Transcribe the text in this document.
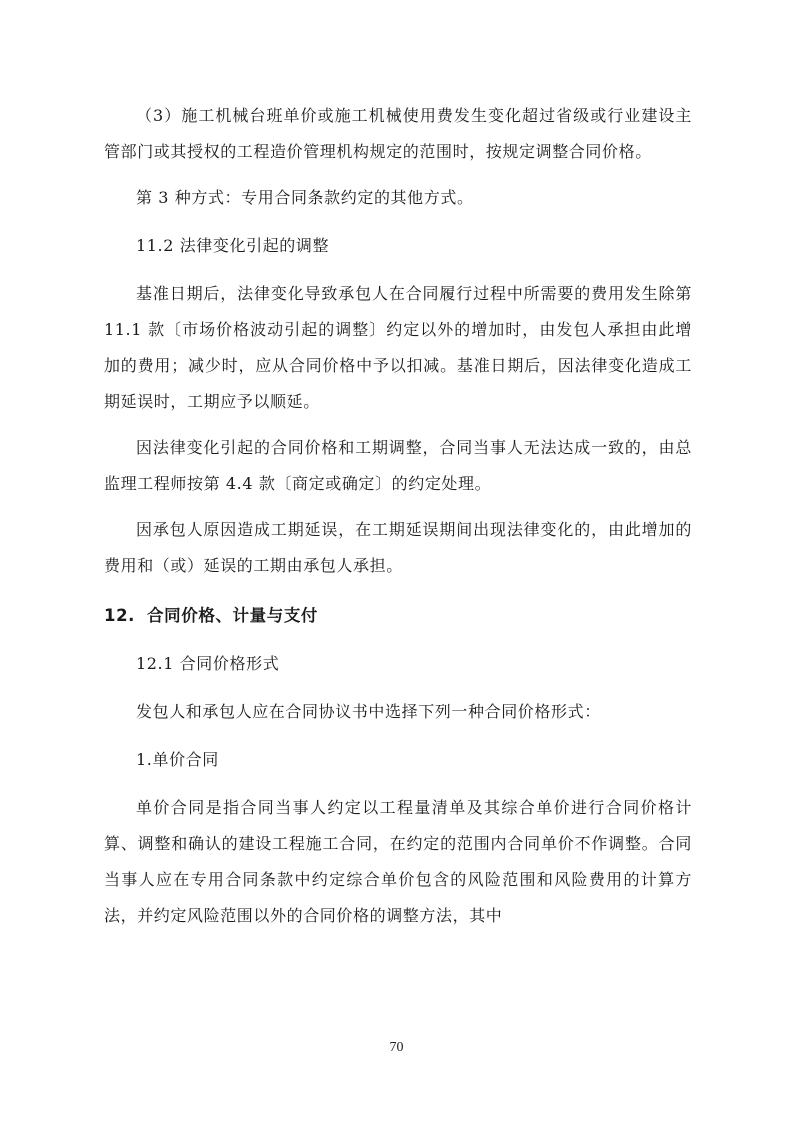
（3）施工机械台班单价或施工机械使用费发生变化超过省级或行业建设主管部门或其授权的工程造价管理机构规定的范围时，按规定调整合同价格。

第 3 种方式：专用合同条款约定的其他方式。

11.2 法律变化引起的调整

基准日期后，法律变化导致承包人在合同履行过程中所需要的费用发生除第 11.1 款〔市场价格波动引起的调整〕约定以外的增加时，由发包人承担由此增加的费用；减少时，应从合同价格中予以扣减。基准日期后，因法律变化造成工期延误时，工期应予以顺延。

因法律变化引起的合同价格和工期调整，合同当事人无法达成一致的，由总监理工程师按第 4.4 款〔商定或确定〕的约定处理。

因承包人原因造成工期延误，在工期延误期间出现法律变化的，由此增加的费用和（或）延误的工期由承包人承担。

12. 合同价格、计量与支付

12.1 合同价格形式

发包人和承包人应在合同协议书中选择下列一种合同价格形式：

1.单价合同

单价合同是指合同当事人约定以工程量清单及其综合单价进行合同价格计算、调整和确认的建设工程施工合同，在约定的范围内合同单价不作调整。合同当事人应在专用合同条款中约定综合单价包含的风险范围和风险费用的计算方法，并约定风险范围以外的合同价格的调整方法，其中

70
